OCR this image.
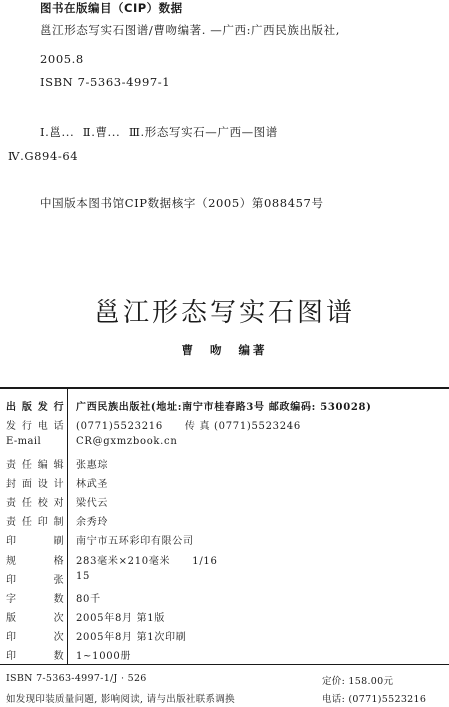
图书在版编目（CIP）数据
邕江形态写实石图谱/曹吻编著. —广西:广西民族出版社,
2005.8
ISBN 7-5363-4997-1
Ⅰ.邕...  Ⅱ.曹...  Ⅲ.形态写实石—广西—图谱
Ⅳ.G894-64
中国版本图书馆CIP数据核字（2005）第088457号
邕江形态写实石图谱
曹  吻  编著
出 版 发 行 广西民族出版社(地址:南宁市桂春路3号 邮政编码: 530028)
发 行 电 话 (0771)5523216 传 真 (0771)5523246
E-mail	CR@gxmzbook.cn
责 任 编 辑 张惠琮
封 面 设 计 林武圣
责 任 校 对 梁代云
责 任 印 制 余秀玲
印	刷 南宁市五环彩印有限公司
规	格 283毫米×210毫米 1/16
印	张 15
字	数 80千
版	次 2005年8月 第1版
印	次 2005年8月 第1次印刷
印	数 1~1000册
ISBN 7-5363-4997-1/J · 526	定价: 158.00元
如发现印装质量问题, 影响阅读, 请与出版社联系调换	电话: (0771)5523216
